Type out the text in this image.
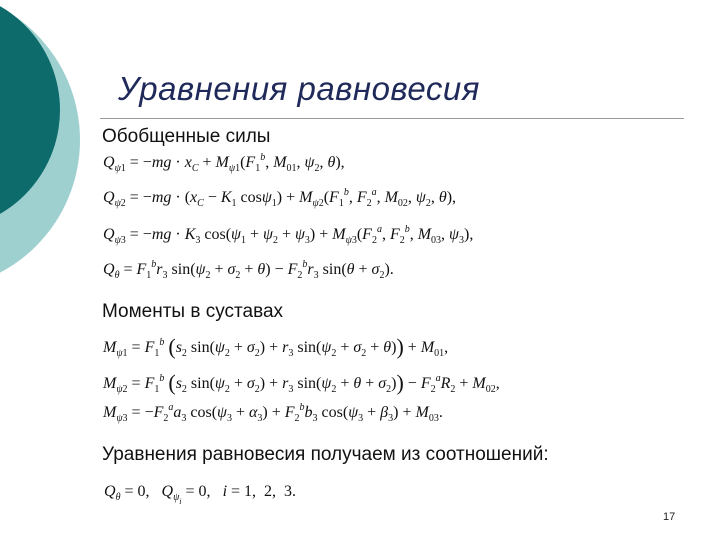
Уравнения равновесия
Обобщенные силы
$Q_{\psi 1} = -mg \cdot x_C + M_{\psi 1}(F_1^b$, $M_{01}$, $\psi_2$, θ),
$Q_{\psi 2} = -mg \cdot (x_C - K_1$ $\cos\psi_1) + M_{\psi 2}(F_1^b$, $F_2^a$, $M_{02}$, $\psi_2$, θ),
$Q_{\psi 3} = -mg \cdot K_3$ $\cos(\psi_1 + \psi_2 + \psi_3) + M_{\psi 3}(F_2^a$, $F_2^b$, $M_{03}$, $\psi_3$),
$Q_\theta = F_1^br_3$ $\sin(\psi_2 + \sigma_2 + \theta) - F_2^br_3$ $\sin(\theta + \sigma_2)$.
Моменты в суставах
$M_{\psi 1} = F_1^b$ ($s_2$ $\sin(\psi_2 + \sigma_2) + r_3$ $\sin(\psi_2 + \sigma_2 + \theta)) + M_{01}$,
$M_{\psi 2} = F_1^b$ ($s_2$ $\sin(\psi_2 + \sigma_2) + r_3$ $\sin(\psi_2 + \theta + \sigma_2)) - F_2^aR_2 + M_{02}$,
$M_{\psi 3} = -F_2^aa_3$ $\cos(\psi_3 + \alpha_3) + F_2^bb_3$ $\cos(\psi_3 + \beta_3) + M_{03}$.
Уравнения равновесия получаем из соотношений:
$Q_\theta = 0$,   $Q_{\psi_i} = 0$,   i = 1,  2,  3.
17
